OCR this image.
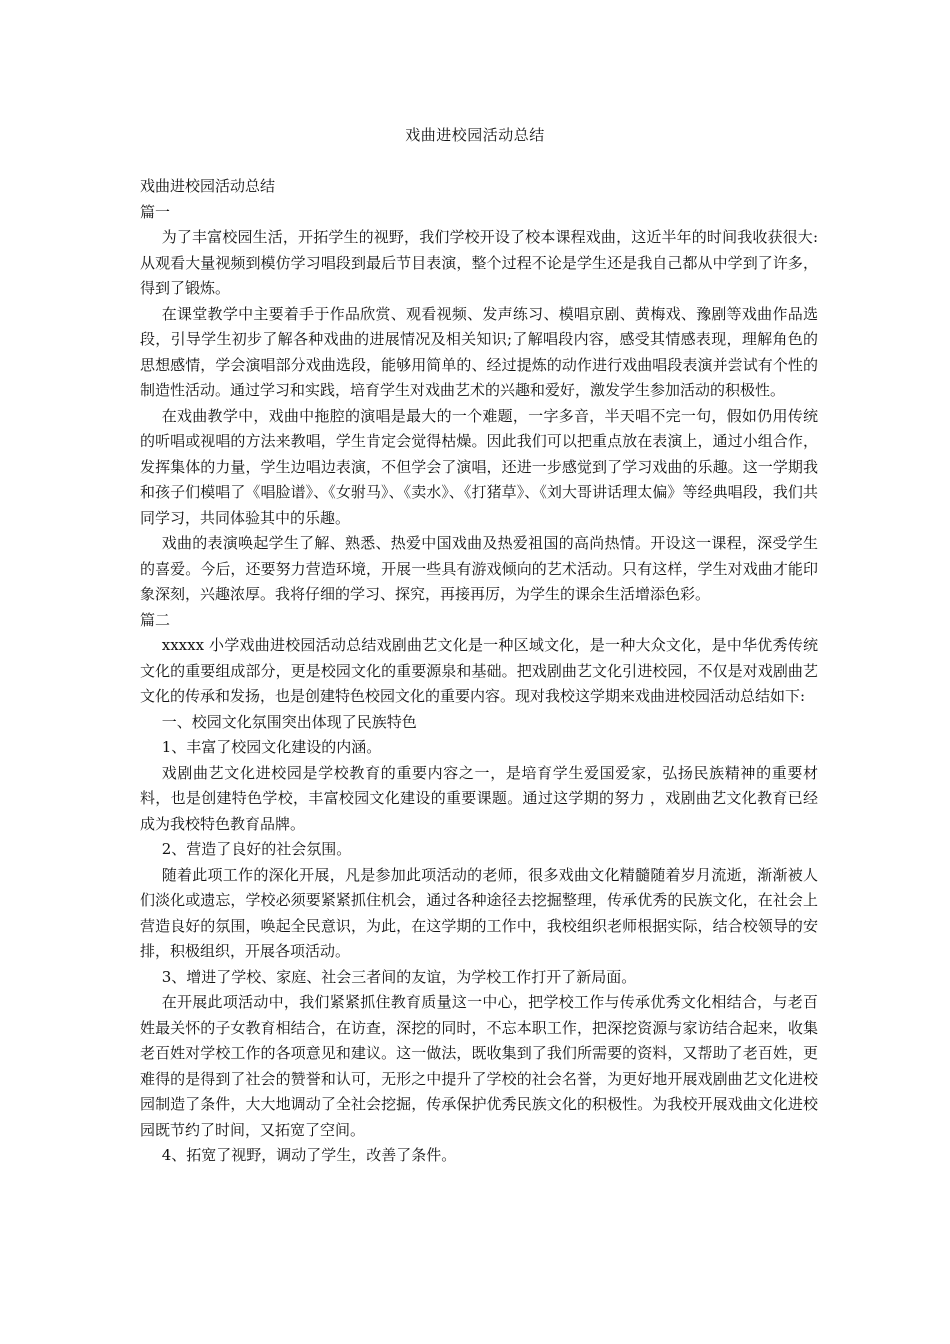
戏曲进校园活动总结

戏曲进校园活动总结

篇一

为了丰富校园生活，开拓学生的视野，我们学校开设了校本课程戏曲，这近半年的时间我收获很大:从观看大量视频到模仿学习唱段到最后节目表演，整个过程不论是学生还是我自己都从中学到了许多，得到了锻炼。

在课堂教学中主要着手于作品欣赏、观看视频、发声练习、模唱京剧、黄梅戏、豫剧等戏曲作品选段，引导学生初步了解各种戏曲的进展情况及相关知识;了解唱段内容，感受其情感表现，理解角色的思想感情，学会演唱部分戏曲选段，能够用简单的、经过提炼的动作进行戏曲唱段表演并尝试有个性的制造性活动。通过学习和实践，培育学生对戏曲艺术的兴趣和爱好，激发学生参加活动的积极性。

在戏曲教学中，戏曲中拖腔的演唱是最大的一个难题，一字多音，半天唱不完一句，假如仍用传统的听唱或视唱的方法来教唱，学生肯定会觉得枯燥。因此我们可以把重点放在表演上，通过小组合作，发挥集体的力量，学生边唱边表演，不但学会了演唱，还进一步感觉到了学习戏曲的乐趣。这一学期我和孩子们模唱了《唱脸谱》、《女驸马》、《卖水》、《打猪草》、《刘大哥讲话理太偏》等经典唱段，我们共同学习，共同体验其中的乐趣。

戏曲的表演唤起学生了解、熟悉、热爱中国戏曲及热爱祖国的高尚热情。开设这一课程，深受学生的喜爱。今后，还要努力营造环境，开展一些具有游戏倾向的艺术活动。只有这样，学生对戏曲才能印象深刻，兴趣浓厚。我将仔细的学习、探究，再接再厉，为学生的课余生活增添色彩。

篇二

xxxxx 小学戏曲进校园活动总结戏剧曲艺文化是一种区域文化，是一种大众文化，是中华优秀传统文化的重要组成部分，更是校园文化的重要源泉和基础。把戏剧曲艺文化引进校园，不仅是对戏剧曲艺文化的传承和发扬，也是创建特色校园文化的重要内容。现对我校这学期来戏曲进校园活动总结如下:

一、校园文化氛围突出体现了民族特色

1、丰富了校园文化建设的内涵。

戏剧曲艺文化进校园是学校教育的重要内容之一，是培育学生爱国爱家，弘扬民族精神的重要材料，也是创建特色学校，丰富校园文化建设的重要课题。通过这学期的努力 ，戏剧曲艺文化教育已经成为我校特色教育品牌。

2、营造了良好的社会氛围。

随着此项工作的深化开展，凡是参加此项活动的老师，很多戏曲文化精髓随着岁月流逝，渐渐被人们淡化或遗忘，学校必须要紧紧抓住机会，通过各种途径去挖掘整理，传承优秀的民族文化，在社会上营造良好的氛围，唤起全民意识，为此，在这学期的工作中，我校组织老师根据实际，结合校领导的安排，积极组织，开展各项活动。

3、增进了学校、家庭、社会三者间的友谊，为学校工作打开了新局面。

在开展此项活动中，我们紧紧抓住教育质量这一中心，把学校工作与传承优秀文化相结合，与老百姓最关怀的子女教育相结合，在访查，深挖的同时，不忘本职工作，把深挖资源与家访结合起来，收集老百姓对学校工作的各项意见和建议。这一做法，既收集到了我们所需要的资料，又帮助了老百姓，更难得的是得到了社会的赞誉和认可，无形之中提升了学校的社会名誉，为更好地开展戏剧曲艺文化进校园制造了条件，大大地调动了全社会挖掘，传承保护优秀民族文化的积极性。为我校开展戏曲文化进校园既节约了时间，又拓宽了空间。

4、拓宽了视野，调动了学生，改善了条件。
